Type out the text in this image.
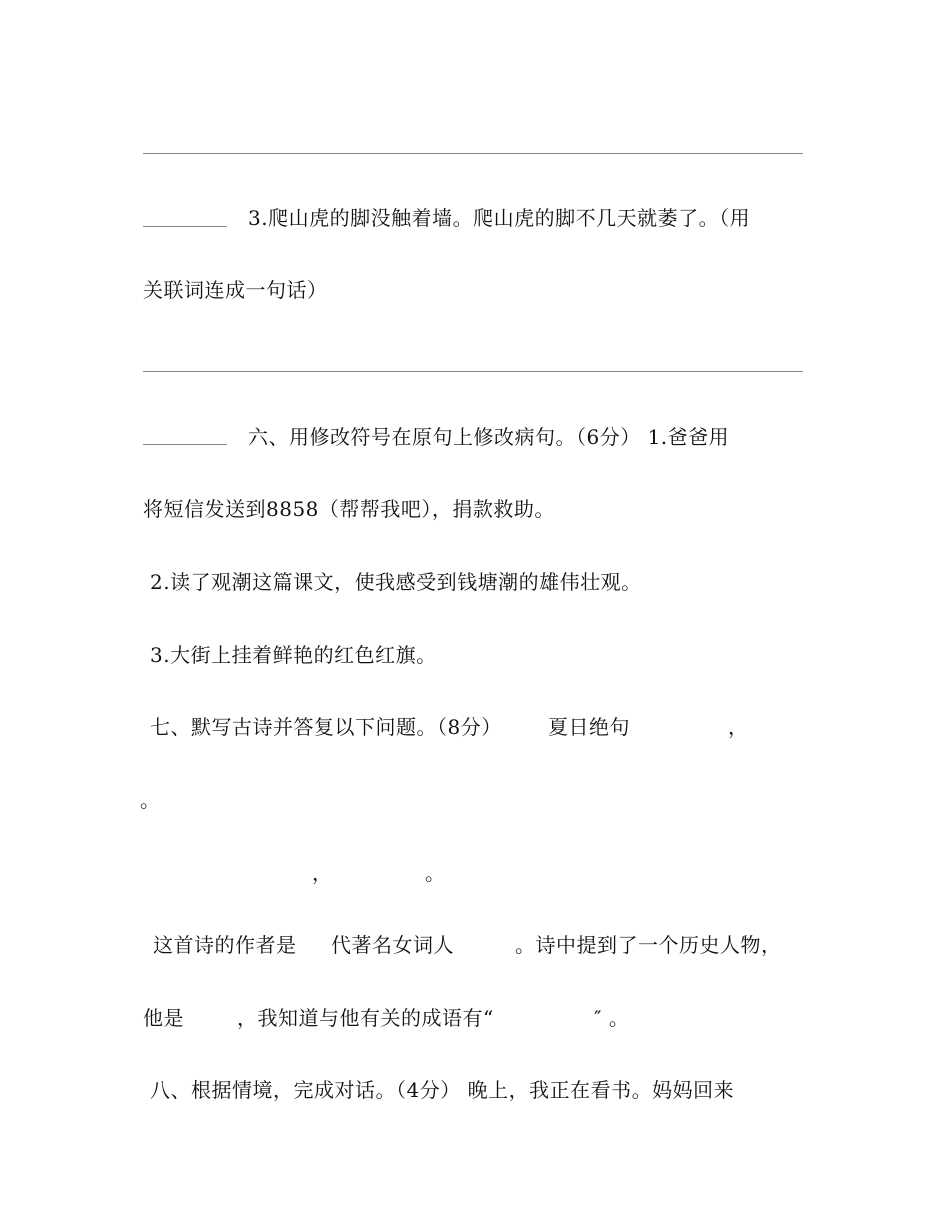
3.爬山虎的脚没触着墙。爬山虎的脚不几天就萎了。（用
关联词连成一句话）
六、用修改符号在原句上修改病句。（6分） 1.爸爸用
将短信发送到8858（帮帮我吧），捐款救助。
2.读了观潮这篇课文，使我感受到钱塘潮的雄伟壮观。
3.大街上挂着鲜艳的红色红旗。
七、默写古诗并答复以下问题。（8分） 夏日绝句	，
。
，	。
这首诗的作者是 代著名女词人	。诗中提到了一个历史人物，
他是	，我知道与他有关的成语有“	″ 。
八、根据情境，完成对话。（4分） 晚上，我正在看书。妈妈回来
